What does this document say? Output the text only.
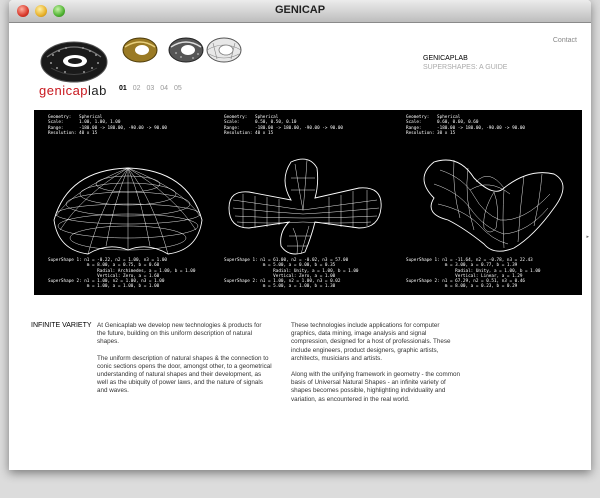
GENICAP
genicaplab 01 02 03 04 05
Contact
GENICAPLAB
SUPERSHAPES: A GUIDE
Geometry:   Spherical
Scale:      1.00, 1.00, 1.00
Range:      -180.00 -> 180.00, -90.00 -> 90.00
Resolution: 40 x 15
SuperShape 1: n1 = -0.22, n2 = 1.00, n3 = 1.00
m = 8.00, a = 0.75, b = 0.60
Radial: Archimedes, a = 1.00, b = 1.00
Vertical: Zero, a = 1.60
SuperShape 2: n1 = 1.00, n2 = 1.00, n3 = 1.00
m = 1.00, a = 1.00, b = 1.00
Geometry:   Spherical
Scale:      0.50, 0.50, 0.10
Range:      -180.00 -> 180.00, -90.00 -> 90.00
Resolution: 40 x 15
SuperShape 1: n1 = 61.00, n2 = -0.02, n3 = 57.00
m = 5.00, a = 0.00, b = 0.35
Radial: Unity, a = 1.00, b = 1.00
Vertical: Zero, a = 1.00
SuperShape 2: n1 = 1.00, n2 = 1.00, n3 = 0.02
m = 5.00, a = 1.00, b = 1.30
Geometry:   Spherical
Scale:      0.60, 0.60, 0.60
Range:      -180.00 -> 180.00, -90.00 -> 90.00
Resolution: 30 x 15
SuperShape 1: n1 = -11.64, n2 = -0.78, n3 = 22.43
m = 3.00, a = 0.77, b = 1.39
Radial: Unity, a = 1.00, b = 1.00
Vertical: Linear, a = 1.29
SuperShape 2: n1 = 67.29, n2 = 0.51, n3 = 0.46
m = 8.00, a = 0.23, b = 0.29
INFINITE VARIETY At Genicaplab we develop new technologies & products for the future, building on this uniform description of natural shapes.

The uniform description of natural shapes & the connection to conic sections opens the door, amongst other, to a geometrical understanding of natural shapes and their development, as well as the ubiquity of power laws, and the nature of signals and waves.

These technologies include applications for computer graphics, data mining, image analysis and signal compression, designed for a host of professionals. These include engineers, product designers, graphic artists, architects, musicians and artists.

Along with the unifying framework in geometry - the common basis of Universal Natural Shapes - an infinite variety of shapes becomes possible, highlighting individuality and variation, as encountered in the real world.

▸
